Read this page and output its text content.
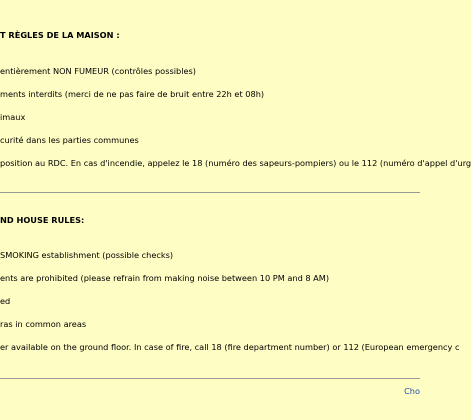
T RÈGLES DE LA MAISON :

entièrement NON FUMEUR (contrôles possibles)

ments interdits (merci de ne pas faire de bruit entre 22h et 08h)

imaux

curité dans les parties communes

position au RDC. En cas d'incendie, appelez le 18 (numéro des sapeurs-pompiers) ou le 112 (numéro d'appel d'urg

ND HOUSE RULES:

SMOKING establishment (possible checks)

ents are prohibited (please refrain from making noise between 10 PM and 8 AM)

ed

ras in common areas

er available on the ground floor. In case of fire, call 18 (fire department number) or 112 (European emergency c

Cho
